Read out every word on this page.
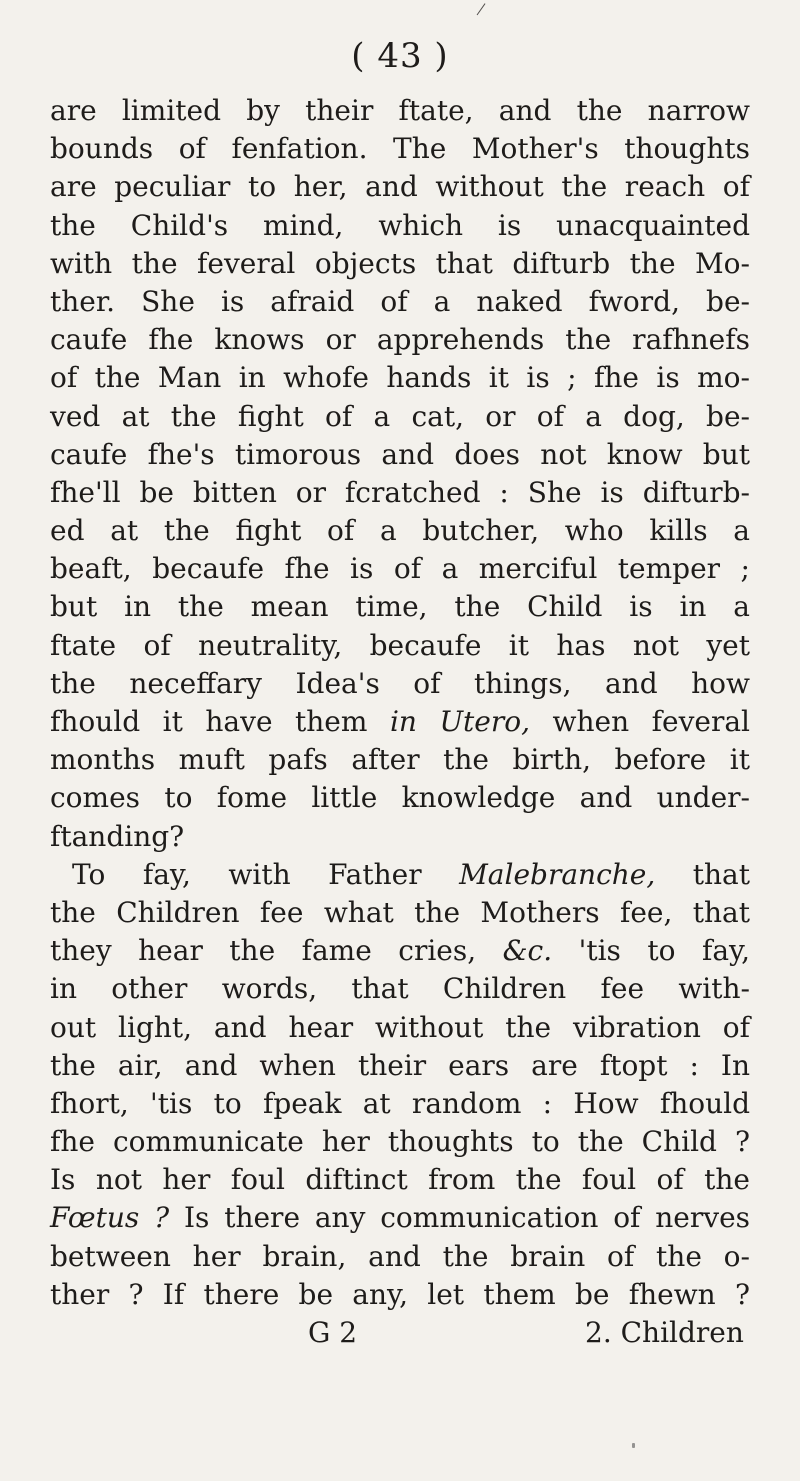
( 43 )
are limited by their ftate, and the narrow
bounds of fenfation. The Mother's thoughts
are peculiar to her, and without the reach of
the Child's mind, which is unacquainted
with the feveral objects that difturb the Mo-
ther. She is afraid of a naked fword, be-
caufe fhe knows or apprehends the rafhnefs
of the Man in whofe hands it is ; fhe is mo-
ved at the fight of a cat, or of a dog, be-
caufe fhe's timorous and does not know but
fhe'll be bitten or fcratched : She is difturb-
ed at the fight of a butcher, who kills a
beaft, becaufe fhe is of a merciful temper ;
but in the mean time, the Child is in a
ftate of neutrality, becaufe it has not yet
the neceffary Idea's of things, and how
fhould it have them in Utero, when feveral
months muft pafs after the birth, before it
comes to fome little knowledge and under-
ftanding?
To fay, with Father Malebranche, that
the Children fee what the Mothers fee, that
they hear the fame cries, &c. 'tis to fay,
in other words, that Children fee with-
out light, and hear without the vibration of
the air, and when their ears are ftopt : In
fhort, 'tis to fpeak at random : How fhould
fhe communicate her thoughts to the Child ?
Is not her foul diftinct from the foul of the
Fœtus ? Is there any communication of nerves
between her brain, and the brain of the o-
ther ? If there be any, let them be fhewn ?
G 2	2. Children
